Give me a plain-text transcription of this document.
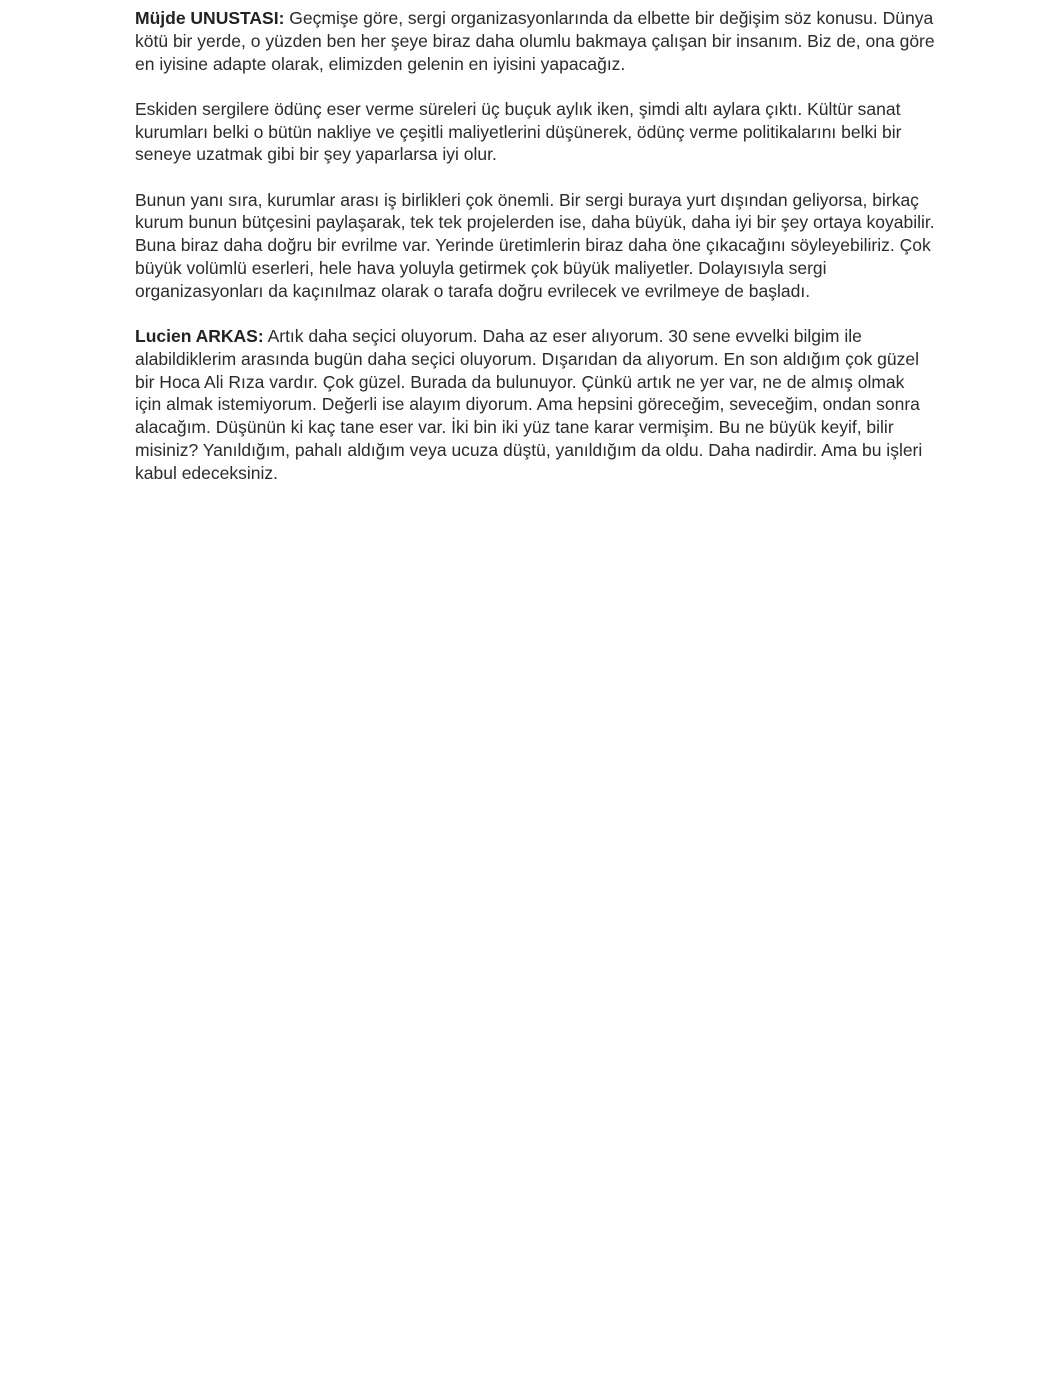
Müjde UNUSTASI: Geçmişe göre, sergi organizasyonlarında da elbette bir değişim söz konusu. Dünya kötü bir yerde, o yüzden ben her şeye biraz daha olumlu bakmaya çalışan bir insanım. Biz de, ona göre en iyisine adapte olarak, elimizden gelenin en iyisini yapacağız.

Eskiden sergilere ödünç eser verme süreleri üç buçuk aylık iken, şimdi altı aylara çıktı. Kültür sanat kurumları belki o bütün nakliye ve çeşitli maliyetlerini düşünerek, ödünç verme politikalarını belki bir seneye uzatmak gibi bir şey yaparlarsa iyi olur.

Bunun yanı sıra, kurumlar arası iş birlikleri çok önemli. Bir sergi buraya yurt dışından geliyorsa, birkaç kurum bunun bütçesini paylaşarak, tek tek projelerden ise, daha büyük, daha iyi bir şey ortaya koyabilir. Buna biraz daha doğru bir evrilme var. Yerinde üretimlerin biraz daha öne çıkacağını söyleyebiliriz. Çok büyük volümlü eserleri, hele hava yoluyla getirmek çok büyük maliyetler. Dolayısıyla sergi organizasyonları da kaçınılmaz olarak o tarafa doğru evrilecek ve evrilmeye de başladı.

Lucien ARKAS: Artık daha seçici oluyorum. Daha az eser alıyorum. 30 sene evvelki bilgim ile alabildiklerim arasında bugün daha seçici oluyorum. Dışarıdan da alıyorum. En son aldığım çok güzel bir Hoca Ali Rıza vardır. Çok güzel. Burada da bulunuyor. Çünkü artık ne yer var, ne de almış olmak için almak istemiyorum. Değerli ise alayım diyorum. Ama hepsini göreceğim, seveceğim, ondan sonra alacağım. Düşünün ki kaç tane eser var. İki bin iki yüz tane karar vermişim. Bu ne büyük keyif, bilir misiniz? Yanıldığım, pahalı aldığım veya ucuza düştü, yanıldığım da oldu. Daha nadirdir. Ama bu işleri kabul edeceksiniz.
